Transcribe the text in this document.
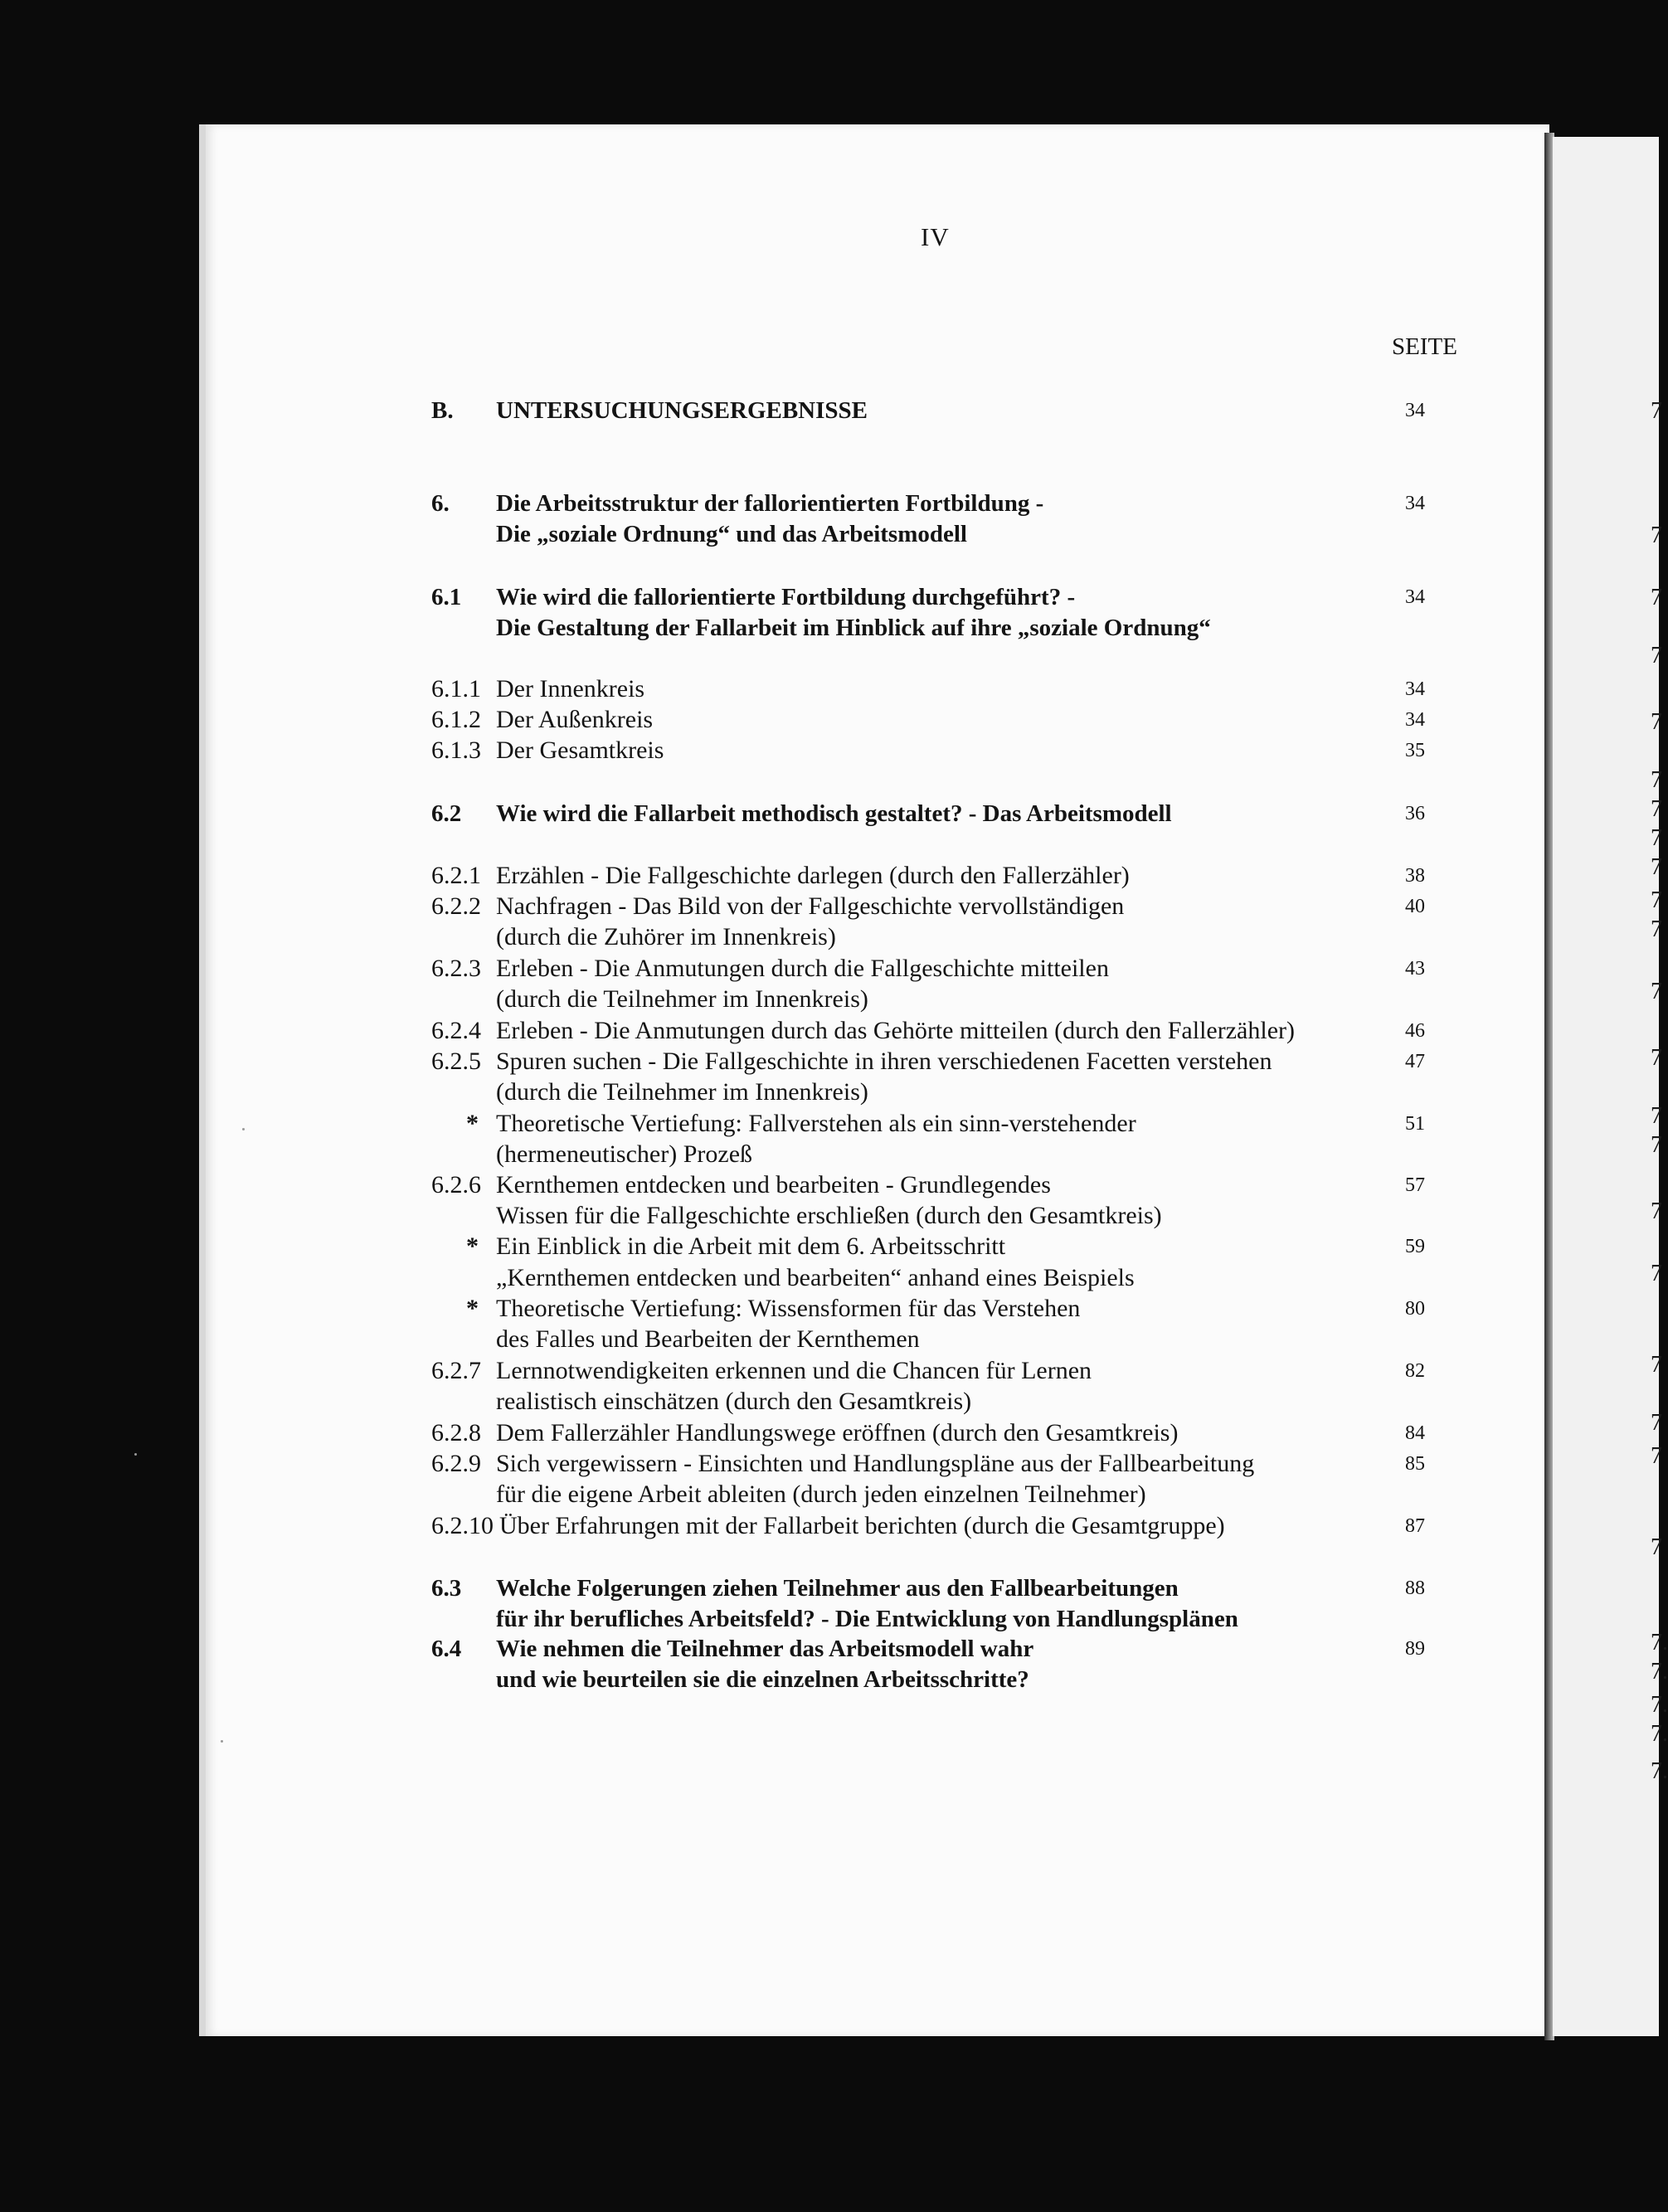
7
7
7
7
7
7
7
7
7
7
7
7
7
7
7
7
7
7
7
7
7
7.
7.
7.
7.
7.
IV
SEITE
B. UNTERSUCHUNGSERGEBNISSE	34
6. Die Arbeitsstruktur der fallorientierten Fortbildung -	34
Die „soziale Ordnung“ und das Arbeitsmodell
6.1 Wie wird die fallorientierte Fortbildung durchgeführt? -	34
Die Gestaltung der Fallarbeit im Hinblick auf ihre „soziale Ordnung“
6.1.1 Der Innenkreis	34
6.1.2 Der Außenkreis	34
6.1.3 Der Gesamtkreis	35
6.2 Wie wird die Fallarbeit methodisch gestaltet? - Das Arbeitsmodell	36
6.2.1 Erzählen - Die Fallgeschichte darlegen (durch den Fallerzähler)	38
6.2.2 Nachfragen - Das Bild von der Fallgeschichte vervollständigen	40
(durch die Zuhörer im Innenkreis)
6.2.3 Erleben - Die Anmutungen durch die Fallgeschichte mitteilen	43
(durch die Teilnehmer im Innenkreis)
6.2.4 Erleben - Die Anmutungen durch das Gehörte mitteilen (durch den Fallerzähler)	46
6.2.5 Spuren suchen - Die Fallgeschichte in ihren verschiedenen Facetten verstehen	47
(durch die Teilnehmer im Innenkreis)
* Theoretische Vertiefung: Fallverstehen als ein sinn-verstehender	51
(hermeneutischer) Prozeß
6.2.6 Kernthemen entdecken und bearbeiten - Grundlegendes	57
Wissen für die Fallgeschichte erschließen (durch den Gesamtkreis)
* Ein Einblick in die Arbeit mit dem 6. Arbeitsschritt	59
„Kernthemen entdecken und bearbeiten“ anhand eines Beispiels
* Theoretische Vertiefung: Wissensformen für das Verstehen	80
des Falles und Bearbeiten der Kernthemen
6.2.7 Lernnotwendigkeiten erkennen und die Chancen für Lernen	82
realistisch einschätzen (durch den Gesamtkreis)
6.2.8 Dem Fallerzähler Handlungswege eröffnen (durch den Gesamtkreis)	84
6.2.9 Sich vergewissern - Einsichten und Handlungspläne aus der Fallbearbeitung	85
für die eigene Arbeit ableiten (durch jeden einzelnen Teilnehmer)
6.2.10 Über Erfahrungen mit der Fallarbeit berichten (durch die Gesamtgruppe)	87
6.3 Welche Folgerungen ziehen Teilnehmer aus den Fallbearbeitungen	88
für ihr berufliches Arbeitsfeld? - Die Entwicklung von Handlungsplänen
6.4 Wie nehmen die Teilnehmer das Arbeitsmodell wahr	89
und wie beurteilen sie die einzelnen Arbeitsschritte?
